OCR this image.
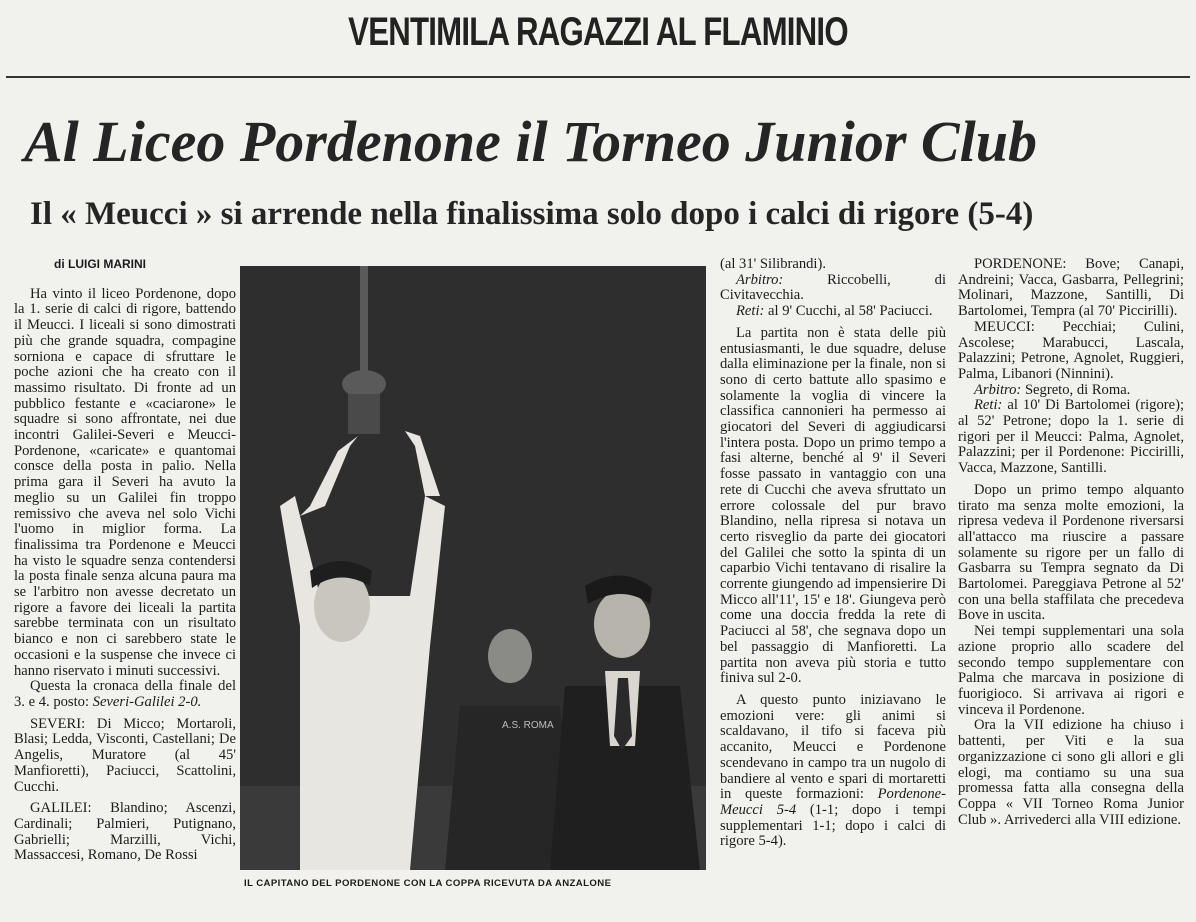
VENTIMILA RAGAZZI AL FLAMINIO
Al Liceo Pordenone il Torneo Junior Club
Il « Meucci » si arrende nella finalissima solo dopo i calci di rigore (5-4)

di LUIGI MARINI

Ha vinto il liceo Pordenone, dopo la 1. serie di calci di rigore, battendo il Meucci. I liceali si sono dimostrati più che grande squadra, compagine sorniona e capace di sfruttare le poche azioni che ha creato con il massimo risultato. Di fronte ad un pubblico festante e «caciarone» le squadre si sono affrontate, nei due incontri Galilei-Severi e Meucci-Pordenone, «caricate» e quantomai consce della posta in palio. Nella prima gara il Severi ha avuto la meglio su un Galilei fin troppo remissivo che aveva nel solo Vichi l'uomo in miglior forma. La finalissima tra Pordenone e Meucci ha visto le squadre senza contendersi la posta finale senza alcuna paura ma se l'arbitro non avesse decretato un rigore a favore dei liceali la partita sarebbe terminata con un risultato bianco e non ci sarebbero state le occasioni e la suspense che invece ci hanno riservato i minuti successivi.

Questa la cronaca della finale del 3. e 4. posto: Severi-Galilei 2-0.

SEVERI: Di Micco; Mortaroli, Blasi; Ledda, Visconti, Castellani; De Angelis, Muratore (al 45' Manfioretti), Paciucci, Scattolini, Cucchi.

GALILEI: Blandino; Ascenzi, Cardinali; Palmieri, Putignano, Gabrielli; Marzilli, Vichi, Massaccesi, Romano, De Rossi

A.S. ROMA
IL CAPITANO DEL PORDENONE CON LA COPPA RICEVUTA DA ANZALONE

(al 31' Silibrandi).

Arbitro: Riccobelli, di Civitavecchia.

Reti: al 9' Cucchi, al 58' Paciucci.

La partita non è stata delle più entusiasmanti, le due squadre, deluse dalla eliminazione per la finale, non si sono di certo battute allo spasimo e solamente la voglia di vincere la classifica cannonieri ha permesso ai giocatori del Severi di aggiudicarsi l'intera posta. Dopo un primo tempo a fasi alterne, benché al 9' il Severi fosse passato in vantaggio con una rete di Cucchi che aveva sfruttato un errore colossale del pur bravo Blandino, nella ripresa si notava un certo risveglio da parte dei giocatori del Galilei che sotto la spinta di un caparbio Vichi tentavano di risalire la corrente giungendo ad impensierire Di Micco all'11', 15' e 18'. Giungeva però come una doccia fredda la rete di Paciucci al 58', che segnava dopo un bel passaggio di Manfioretti. La partita non aveva più storia e tutto finiva sul 2-0.

A questo punto iniziavano le emozioni vere: gli animi si scaldavano, il tifo si faceva più accanito, Meucci e Pordenone scendevano in campo tra un nugolo di bandiere al vento e spari di mortaretti in queste formazioni: Pordenone-Meucci 5-4 (1-1; dopo i tempi supplementari 1-1; dopo i calci di rigore 5-4).

PORDENONE: Bove; Canapi, Andreini; Vacca, Gasbarra, Pellegrini; Molinari, Mazzone, Santilli, Di Bartolomei, Tempra (al 70' Piccirilli).

MEUCCI: Pecchiai; Culini, Ascolese; Marabucci, Lascala, Palazzini; Petrone, Agnolet, Ruggieri, Palma, Libanori (Ninnini).

Arbitro: Segreto, di Roma.

Reti: al 10' Di Bartolomei (rigore); al 52' Petrone; dopo la 1. serie di rigori per il Meucci: Palma, Agnolet, Palazzini; per il Pordenone: Piccirilli, Vacca, Mazzone, Santilli.

Dopo un primo tempo alquanto tirato ma senza molte emozioni, la ripresa vedeva il Pordenone riversarsi all'attacco ma riuscire a passare solamente su rigore per un fallo di Gasbarra su Tempra segnato da Di Bartolomei. Pareggiava Petrone al 52' con una bella staffilata che precedeva Bove in uscita.

Nei tempi supplementari una sola azione proprio allo scadere del secondo tempo supplementare con Palma che marcava in posizione di fuorigioco. Si arrivava ai rigori e vinceva il Pordenone.

Ora la VII edizione ha chiuso i battenti, per Viti e la sua organizzazione ci sono gli allori e gli elogi, ma contiamo su una sua promessa fatta alla consegna della Coppa « VII Torneo Roma Junior Club ». Arrivederci alla VIII edizione.
